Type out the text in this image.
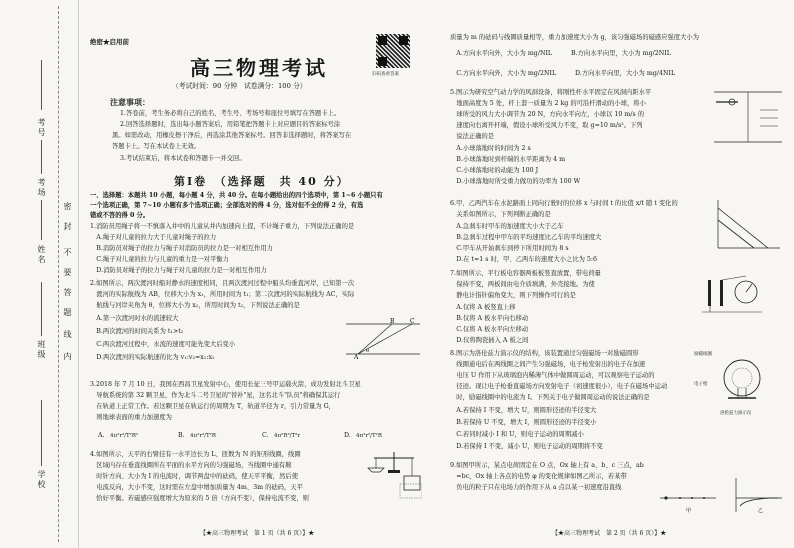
考号
考场
姓名
班级
学校
密
封
不
要
答
题
线
内
绝密★启用前
高三物理考试	扫码查看答案
（考试时间：90 分钟　试卷满分：100 分）
注意事项：
1.答卷前，考生务必将自己的姓名、考生号、考场号和座位号填写在答题卡上。
2.回答选择题时，选出每小题答案后，用铅笔把答题卡上对应题目的答案标号涂
黑。如需改动，用橡皮擦干净后，再选涂其他答案标号。回答非选择题时，将答案写在
答题卡上。写在本试卷上无效。
3.考试结束后，将本试卷和答题卡一并交回。
第Ⅰ卷　（选择题　共 40 分）
一、选择题：本题共 10 小题，每小题 4 分，共 40 分。在每小题给出的四个选项中，第 1~6 小题只有
一个选项正确，第 7~10 小题有多个选项正确；全部选对的得 4 分，选对但不全的得 2 分，有选
错或不答的得 0 分。
1.消防员用绳子将一不慎落入井中的儿童从井内加速向上提，不计绳子重力，下列说法正确的是
　A.绳子对儿童的拉力大于儿童对绳子的拉力
　B.消防员对绳子的拉力与绳子对消防员的拉力是一对相互作用力
　C.绳子对儿童的拉力与儿童的重力是一对平衡力
　D.消防员对绳子的拉力与绳子对儿童的拉力是一对相互作用力
2.如图所示，两次渡河时船对静水的速度相同，且两次渡河过程中船头均垂直河岸，已知第一次
　渡河的实际航线为 AB，位移大小为 x₁，所用时间为 t₁；第二次渡河的实际航线为 AC，实际
　航线与河岸夹角为 θ，位移大小为 x₂，所用时间为 t₂，下列说法正确的是
　A.第一次渡河时水的流速较大
　B.两次渡河的时间关系为 t₁>t₂
　C.两次渡河过程中，水流的速度可能先变大后变小
　D.两次渡河的实际航速的比为 v₁:v₂=x₁:x₂	A
B	C
θ
3.2018 年 7 月 10 日，我国在西昌卫星发射中心，使用长征三号甲运载火箭，成功发射北斗卫星
　导航系统的第 32 颗卫星，作为北斗二号卫星的"替补"星，这名北斗"队员"将确保其运行
　在轨道上正常工作。若这颗卫星在轨运行的周期为 T，轨道半径为 r，引力常量为 G，
　则地球表面的重力加速度为
A. 4π²r³/T²R²	B. 4π²r³/T²R	C. 4π²R³/T²r	D. 4π²r²/T²R
4.如图所示，天平的右臂挂有一水平边长为 L、匝数为 N 的矩形线圈，线圈
　区域内存在垂直线圈所在平面的水平方向的匀强磁场，当线圈中通有顺
　时针方向、大小为 I 的电流时，调节两盘中的砝码，使天平平衡，然后使
　电流反向，大小不变，这时需在左盘中增加质量为 4m、3m 的砝码，天平
　恰好平衡。若磁感应强度增大为原来的 5 倍（方向不变），保持电流不变，则
【★高三物理考试　第 1 页（共 6 页）】★
质量为 m 的砝码与线圈质量相等，重力加速度大小为 g，该匀强磁场的磁感应强度大小为
　A.方向水平向外，大小为 mg/NIL　　　B.方向水平向里，大小为 mg/2NIL
　C.方向水平向外，大小为 mg/2NIL　　　D.方向水平向里，大小为 mg/4NIL
5.图示为研究空气动力学的风洞设备，将刚性杆水平固定在风洞内距水平
　地面高度为 5 处，杆上套一质量为 2 kg 的可沿杆滑动的小球，将小
　球所受的风力大小调节为 20 N，方向水平向左，小球以 10 m/s 的
　速度向右离开杆端，假设小球所受风力不变，取 g=10 m/s²。下列
　说法正确的是
　A.小球落地时的时间为 2 s
　B.小球落地时到杆端的水平距离为 4 m
　C.小球落地时的动能为 100 J
　D.小球落地时所受重力做功的功率为 100 W
6.甲、乙两汽车在水泥路面上同向行驶时的位移 x 与时间 t 的比值 x/t 随 t 变化的
　关系如图所示，下列判断正确的是
　A.急刹车时甲车的加速度大小大于乙车
　B.急刹车过程中甲车的平均速度比乙车的平均速度大
　C.甲车从开始刹车到停下所用时间为 8 s
　D.在 t=1 s 时，甲、乙两车的速度大小之比为 5:6
7.如图所示，平行板电容器两板板竖直放置，带电荷量
　保持不变，两板间由电介质填满，外壳接地。为使
　静电计指针偏角变大，则下列操作可行的是
　A.仅将 A 板竖直上移
　B.仅将 A 板水平向右移动
　C.仅将 A 板水平向左移动
　D.仅将陶瓷插入 A 板之间
8.图示为洛伦兹力演示仪的结构，该装置通过匀强磁场一对励磁圆形
　线圈通电后在两线圈之间产生匀强磁场，电子枪发射出的电子在加速
　电压 U 作用下从玻璃泡内稀薄气体中做圆周运动，可以观察电子运动的
　径迹。现让电子枪垂直磁场方向发射电子（初速度很小），电子在磁场中运动
　时，励磁线圈中的电流为 I。下列关于电子做圆周运动的说法正确的是
　A.若保持 I 不变，增大 U，则圆形径迹的半径变大
　B.若保持 U 不变，增大 I，则圆形径迹的半径变小
　C.若同时减小 I 和 U，则电子运动的周期减小
　D.若保持 I 不变，减小 U，则电子运动的周期将不变
励磁线圈
电子枪
洛伦兹力演示仪
9.如图甲所示，某点电荷固定在 O 点，Ox 轴上有 a、b、c 三点，ab
　=bc，Ox 轴上各点的电势 φ 的变化规律如图乙所示，若某带
　负电的粒子只在电场力的作用下从 a 点以某一初速度沿直线
甲	乙
【★高三物理考试　第 2 页（共 6 页）】★
